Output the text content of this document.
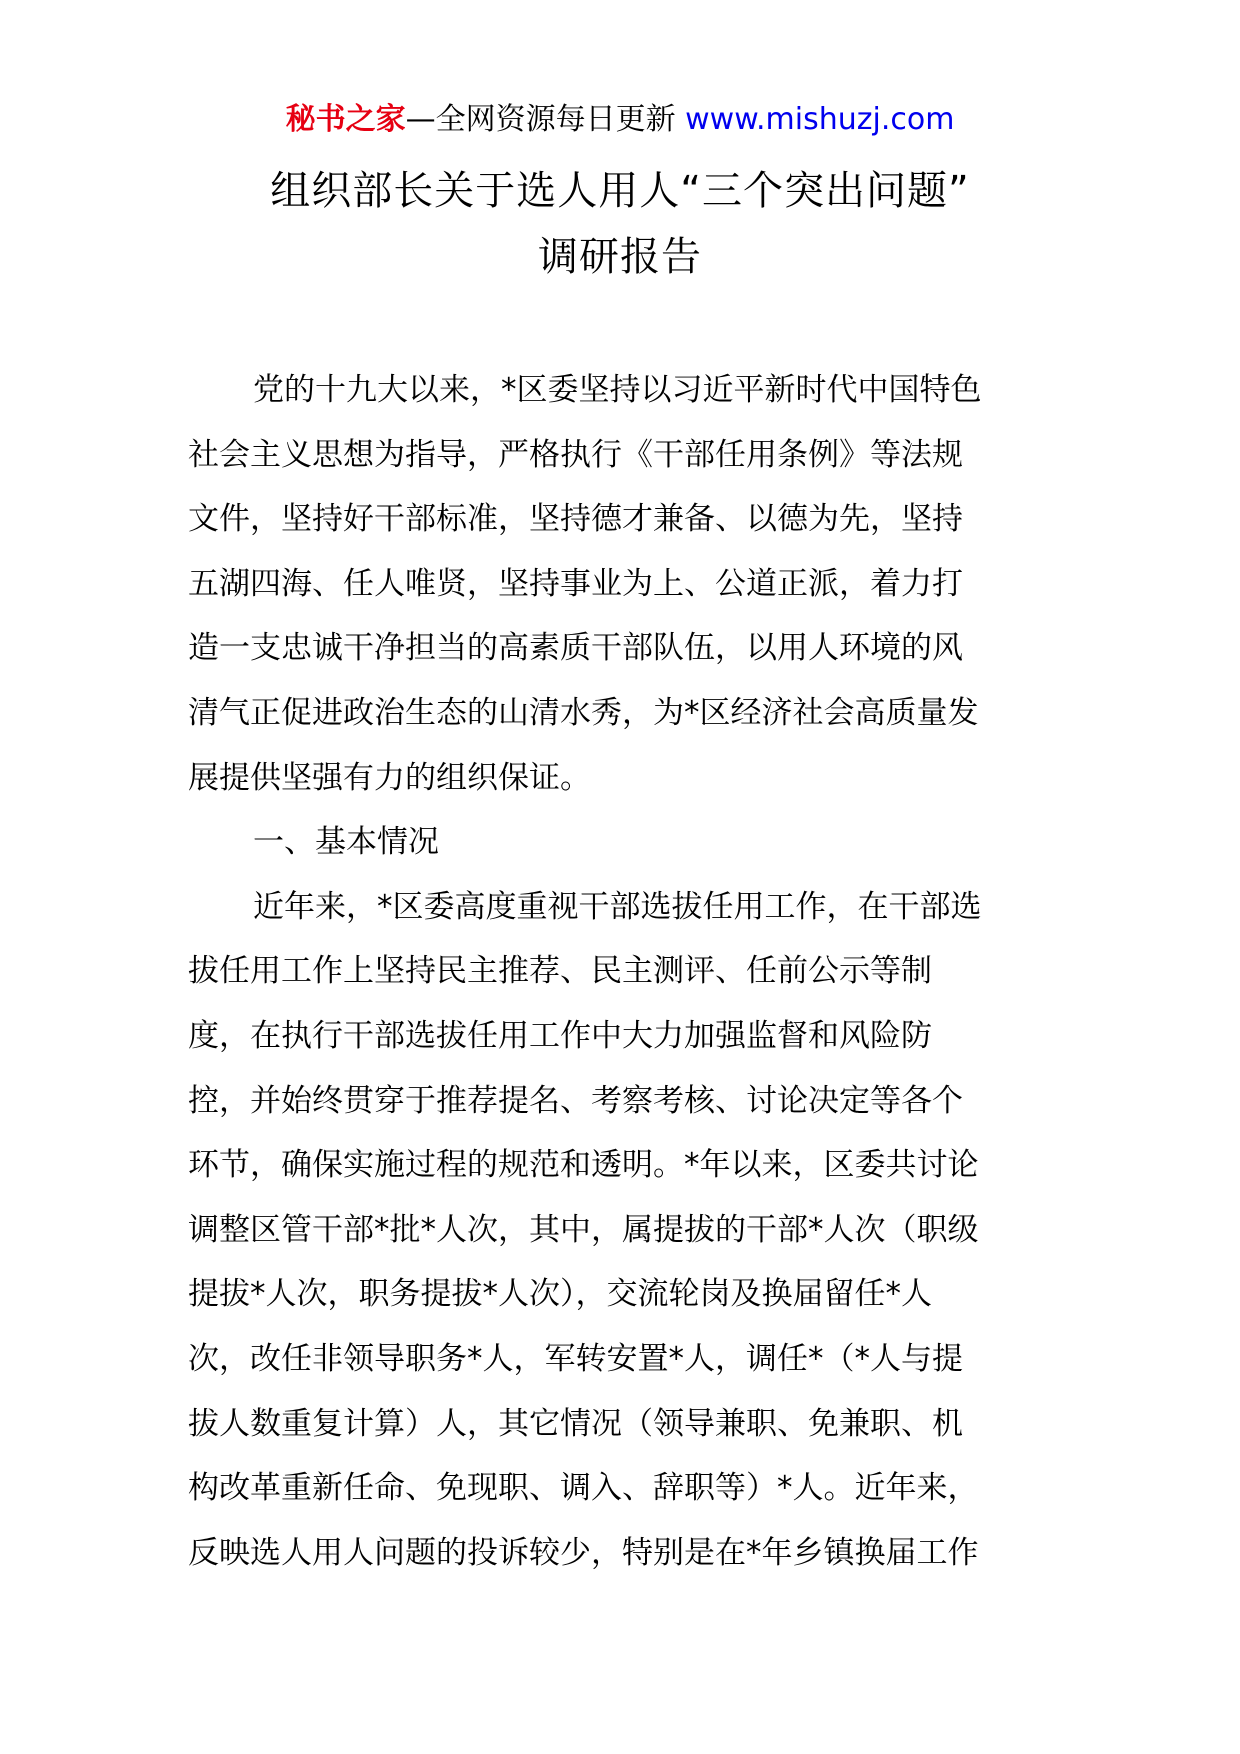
秘书之家—全网资源每日更新 www.mishuzj.com
组织部长关于选人用人“三个突出问题”
调研报告
党的十九大以来，*区委坚持以习近平新时代中国特色
社会主义思想为指导，严格执行《干部任用条例》等法规
文件，坚持好干部标准，坚持德才兼备、以德为先，坚持
五湖四海、任人唯贤，坚持事业为上、公道正派，着力打
造一支忠诚干净担当的高素质干部队伍，以用人环境的风
清气正促进政治生态的山清水秀，为*区经济社会高质量发
展提供坚强有力的组织保证。
一、基本情况
近年来，*区委高度重视干部选拔任用工作，在干部选
拔任用工作上坚持民主推荐、民主测评、任前公示等制
度，在执行干部选拔任用工作中大力加强监督和风险防
控，并始终贯穿于推荐提名、考察考核、讨论决定等各个
环节，确保实施过程的规范和透明。*年以来，区委共讨论
调整区管干部*批*人次，其中，属提拔的干部*人次（职级
提拔*人次，职务提拔*人次），交流轮岗及换届留任*人
次，改任非领导职务*人，军转安置*人，调任*（*人与提
拔人数重复计算）人，其它情况（领导兼职、免兼职、机
构改革重新任命、免现职、调入、辞职等）*人。近年来，
反映选人用人问题的投诉较少，特别是在*年乡镇换届工作
